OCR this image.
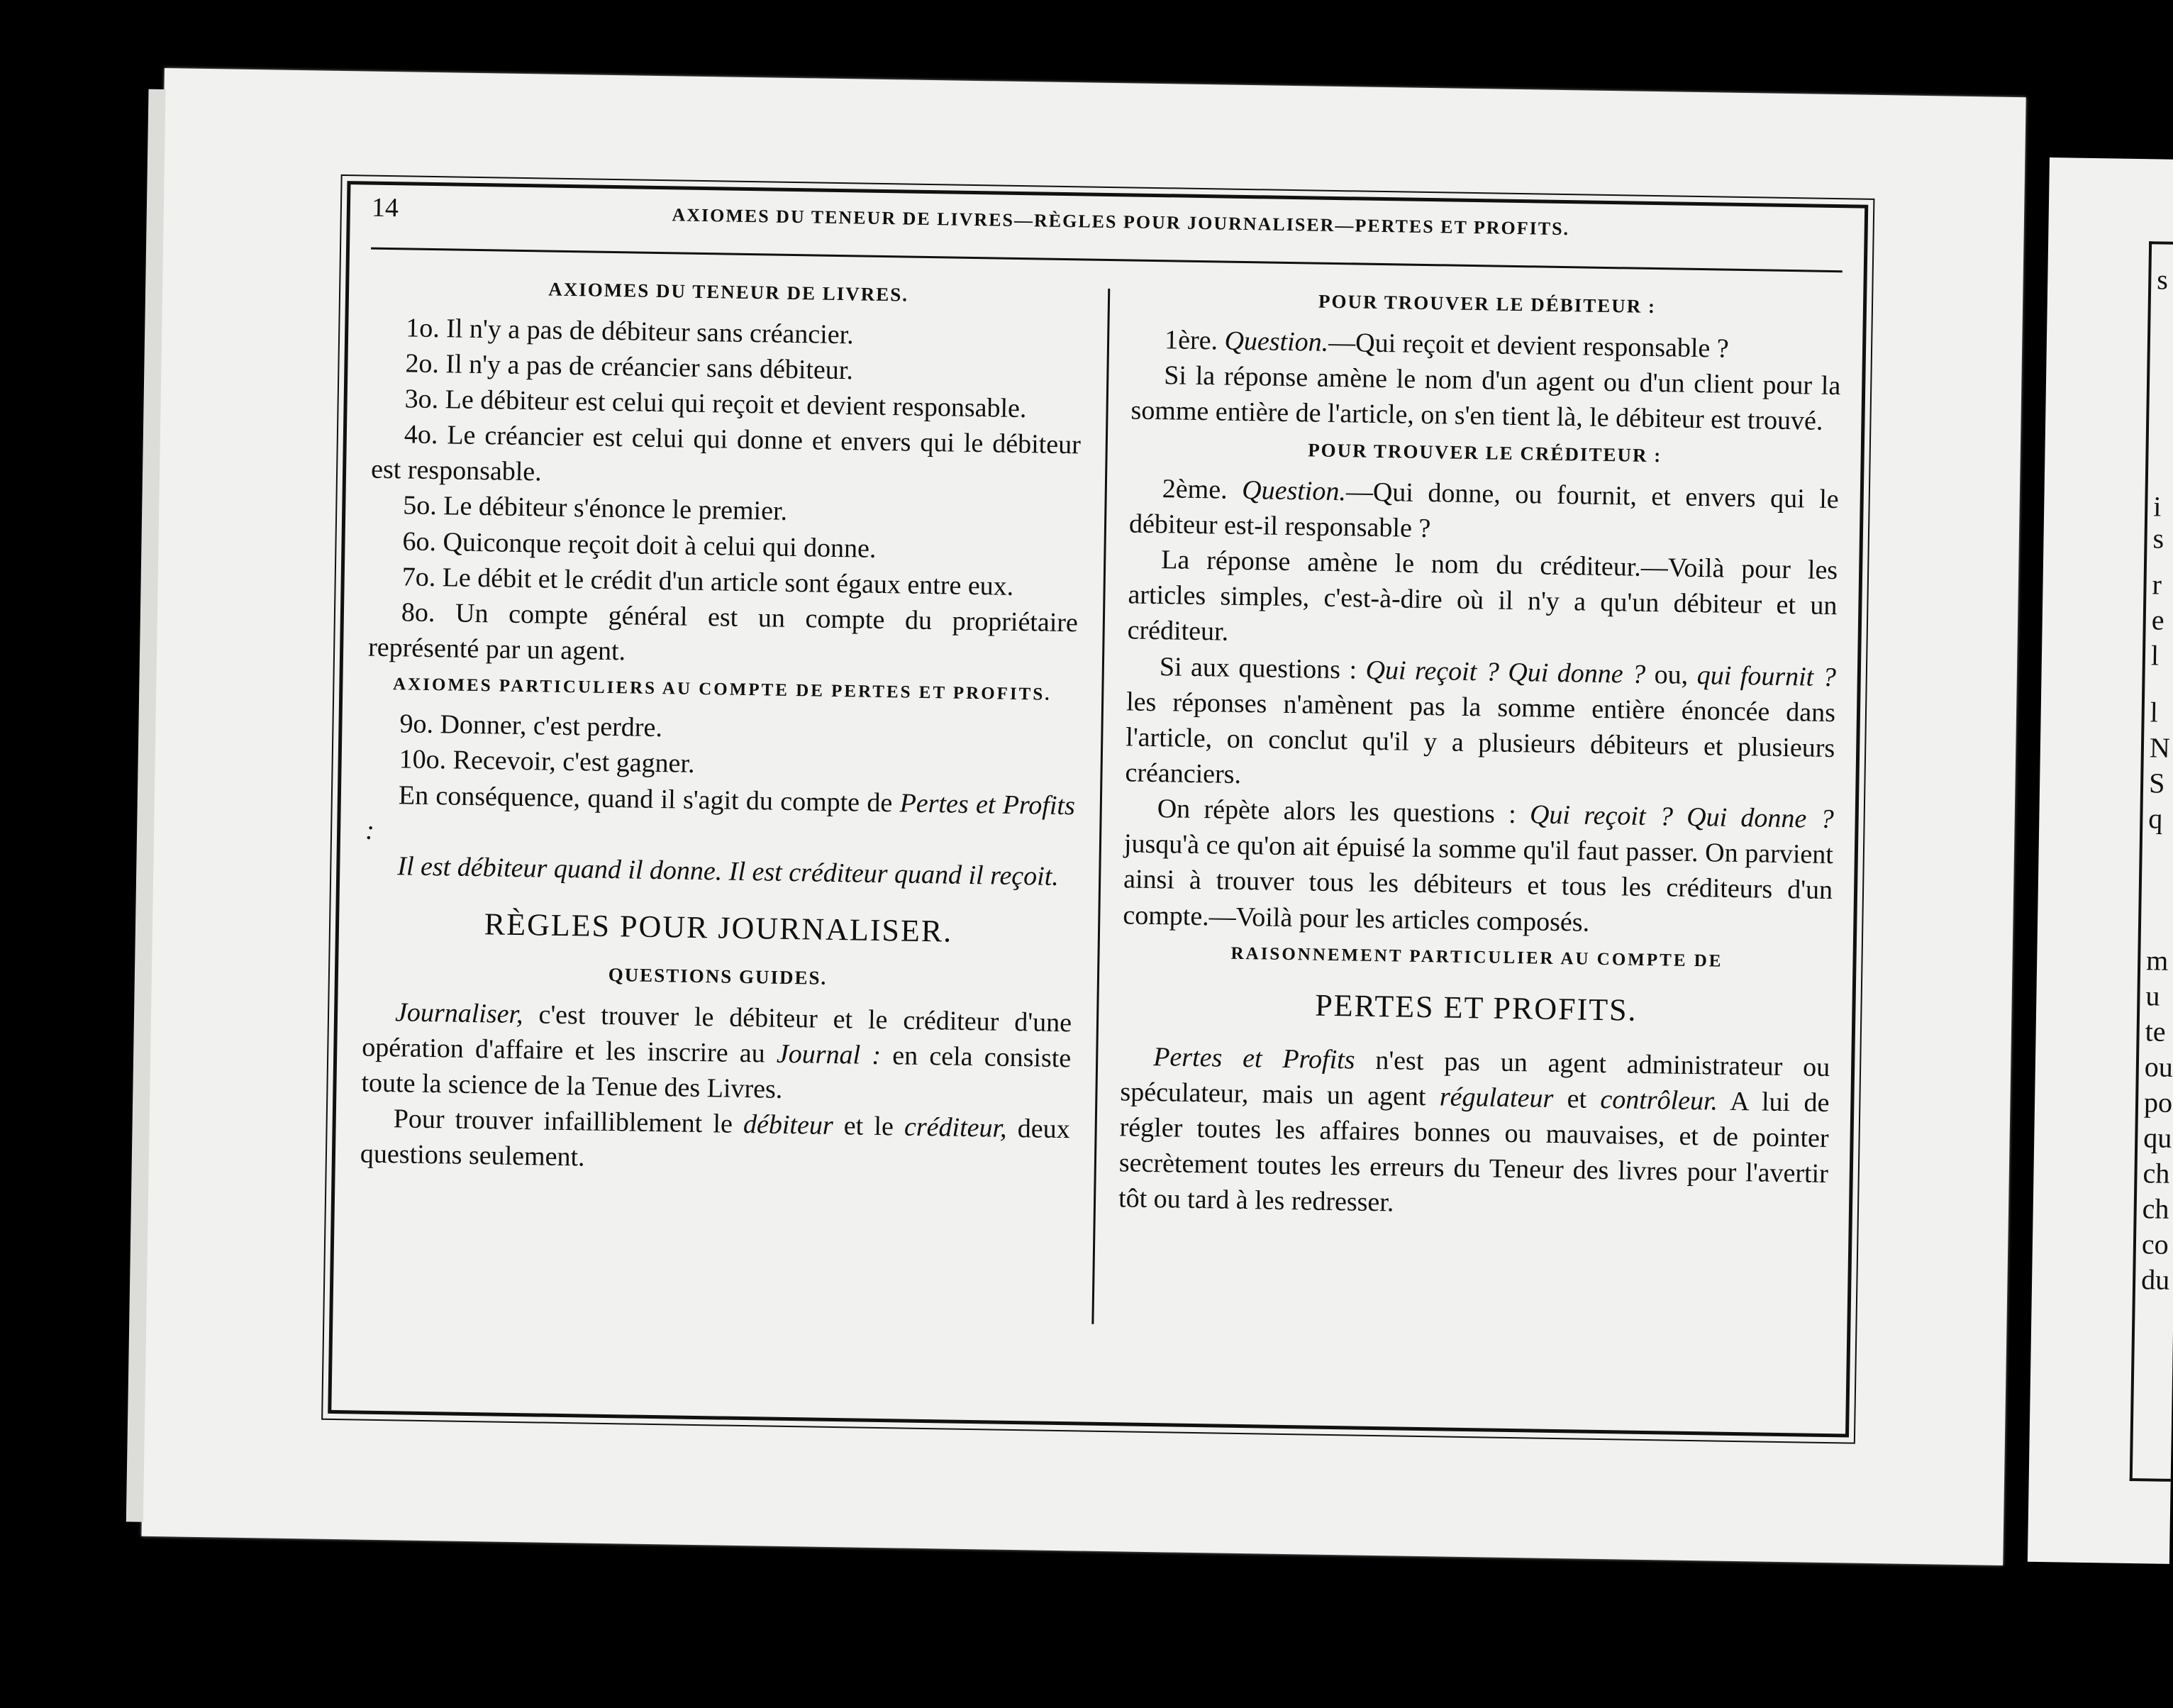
s
i
s
r
e
l
l
N
S
q
m
u
te
ou
po
qu
ch
ch
co
du
14	AXIOMES DU TENEUR DE LIVRES—RÈGLES POUR JOURNALISER—PERTES ET PROFITS.

AXIOMES DU TENEUR DE LIVRES.

1o. Il n'y a pas de débiteur sans créancier.

2o. Il n'y a pas de créancier sans débiteur.

3o. Le débiteur est celui qui reçoit et devient responsable.

4o. Le créancier est celui qui donne et envers qui le débiteur est responsable.

5o. Le débiteur s'énonce le premier.

6o. Quiconque reçoit doit à celui qui donne.

7o. Le débit et le crédit d'un article sont égaux entre eux.

8o. Un compte général est un compte du propriétaire représenté par un agent.

AXIOMES PARTICULIERS AU COMPTE DE PERTES ET PROFITS.

9o. Donner, c'est perdre.

10o. Recevoir, c'est gagner.

En conséquence, quand il s'agit du compte de Pertes et Profits :

Il est débiteur quand il donne. Il est créditeur quand il reçoit.

RÈGLES POUR JOURNALISER.

QUESTIONS GUIDES.

Journaliser, c'est trouver le débiteur et le créditeur d'une opération d'affaire et les inscrire au Journal : en cela consiste toute la science de la Tenue des Livres.

Pour trouver infailliblement le débiteur et le créditeur, deux questions seulement.

POUR TROUVER LE DÉBITEUR :

1ère. Question.—Qui reçoit et devient responsable ?

Si la réponse amène le nom d'un agent ou d'un client pour la somme entière de l'article, on s'en tient là, le débiteur est trouvé.

POUR TROUVER LE CRÉDITEUR :

2ème. Question.—Qui donne, ou fournit, et envers qui le débiteur est-il responsable ?

La réponse amène le nom du créditeur.—Voilà pour les articles simples, c'est-à-dire où il n'y a qu'un débiteur et un créditeur.

Si aux questions : Qui reçoit ? Qui donne ? ou, qui fournit ? les réponses n'amènent pas la somme entière énoncée dans l'article, on conclut qu'il y a plusieurs débiteurs et plusieurs créanciers.

On répète alors les questions : Qui reçoit ? Qui donne ? jusqu'à ce qu'on ait épuisé la somme qu'il faut passer. On parvient ainsi à trouver tous les débiteurs et tous les créditeurs d'un compte.—Voilà pour les articles composés.

RAISONNEMENT PARTICULIER AU COMPTE DE

PERTES ET PROFITS.

Pertes et Profits n'est pas un agent administrateur ou spéculateur, mais un agent régulateur et contrôleur. A lui de régler toutes les affaires bonnes ou mauvaises, et de pointer secrètement toutes les erreurs du Teneur des livres pour l'avertir tôt ou tard à les redresser.
